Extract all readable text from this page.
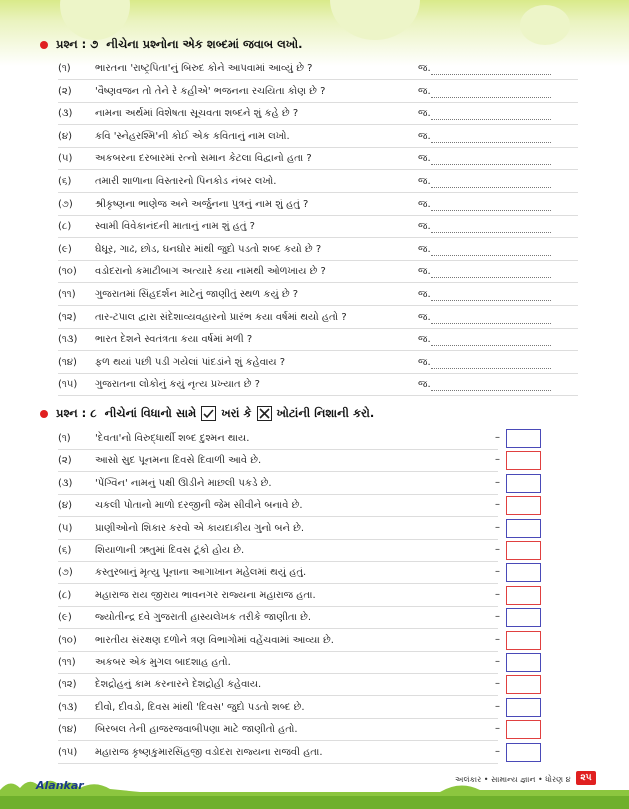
પ્રશ્ન : ૭ નીચેના પ્રશ્નોના એક શબ્દમાં જવાબ લખો.
(૧) ભારતના 'રાષ્ટ્રપિતા'નું બિરુદ કોને આપવામાં આવ્યું છે ?	જ.
(૨) 'વૈષ્ણવજન તો તેને રે કહીએ' ભજનના રચયિતા કોણ છે ?	જ.
(૩) નામના અર્થમાં વિશેષતા સૂચવતા શબ્દને શું કહે છે ?	જ.
(૪) કવિ 'સ્નેહરશ્મિ'ની કોઈ એક કવિતાનું નામ લખો.	જ.
(૫) અકબરના દરબારમાં રત્નો સમાન કેટલા વિદ્વાનો હતા ?	જ.
(૬) તમારી શાળાના વિસ્તારનો પિનકોડ નંબર લખો.	જ.
(૭) શ્રીકૃષ્ણના ભાણેજ અને અર્જુનના પુત્રનું નામ શું હતું ?	જ.
(૮) સ્વામી વિવેકાનંદની માતાનું નામ શું હતું ?	જ.
(૯) ઘેઘૂર, ગાઢ, છોડ, ઘનઘોર માંથી જુદો પડતો શબ્દ કયો છે ?	જ.
(૧૦) વડોદરાનો કમાટીબાગ અત્યારે કયા નામથી ઓળખાય છે ?	જ.
(૧૧) ગુજરાતમાં સિંહદર્શન માટેનું જાણીતું સ્થળ કયું છે ?	જ.
(૧૨) તાર-ટપાલ દ્વારા સંદેશાવ્યવહારનો પ્રારંભ કયા વર્ષમાં થયો હતો ?	જ.
(૧૩) ભારત દેશને સ્વતંત્રતા કયા વર્ષમાં મળી ?	જ.
(૧૪) ફળ થયાં પછી પડી ગયેલાં પાંદડાંને શું કહેવાય ?	જ.
(૧૫) ગુજરાતના લોકોનું કયું નૃત્ય પ્રખ્યાત છે ?	જ.
પ્રશ્ન : ૮ નીચેનાં વિધાનો સામે ખરાં કે ☒ ખોટાંની નિશાની કરો.
(૧) 'દેવતા'નો વિરુદ્ધાર્થી શબ્દ દુશ્મન થાય.	–
(૨) આસો સુદ પૂનમના દિવસે દિવાળી આવે છે.	–
(૩) 'પેંગ્વિન' નામનું પક્ષી ઊડીને માછલી પકડે છે.	–
(૪) ચકલી પોતાનો માળો દરજીની જેમ સીવીને બનાવે છે.	–
(૫) પ્રાણીઓનો શિકાર કરવો એ કાયદાકીય ગુનો બને છે.	–
(૬) શિયાળાની ઋતુમાં દિવસ ટૂંકો હોય છે.	–
(૭) કસ્તુરબાનું મૃત્યુ પૂનાના આગાખાન મહેલમાં થયું હતું.	–
(૮) મહારાજ રાય જીરાય ભાવનગર રાજ્યના મહારાજ હતા.	–
(૯) જ્યોતીન્દ્ર દવે ગુજરાતી હાસ્યલેખક તરીકે જાણીતા છે.	–
(૧૦) ભારતીય સંરક્ષણ દળોને ત્રણ વિભાગોમાં વહેંચવામાં આવ્યા છે.	–
(૧૧) અકબર એક મુગલ બાદશાહ હતો.	–
(૧૨) દેશદ્રોહનું કામ કરનારને દેશદ્રોહી કહેવાય.	–
(૧૩) દીવો, દીવડો, દિવસ માંથી 'દિવસ' જુદો પડતો શબ્દ છે.	–
(૧૪) બિરબલ તેની હાજરજવાબીપણા માટે જાણીતો હતો.	–
(૧૫) મહારાજ કૃષ્ણકુમારસિંહજી વડોદરા રાજ્યના રાજવી હતા.	–
Alankar	અલંકાર • સામાન્ય જ્ઞાન • ધોરણ ૪	૨૫
